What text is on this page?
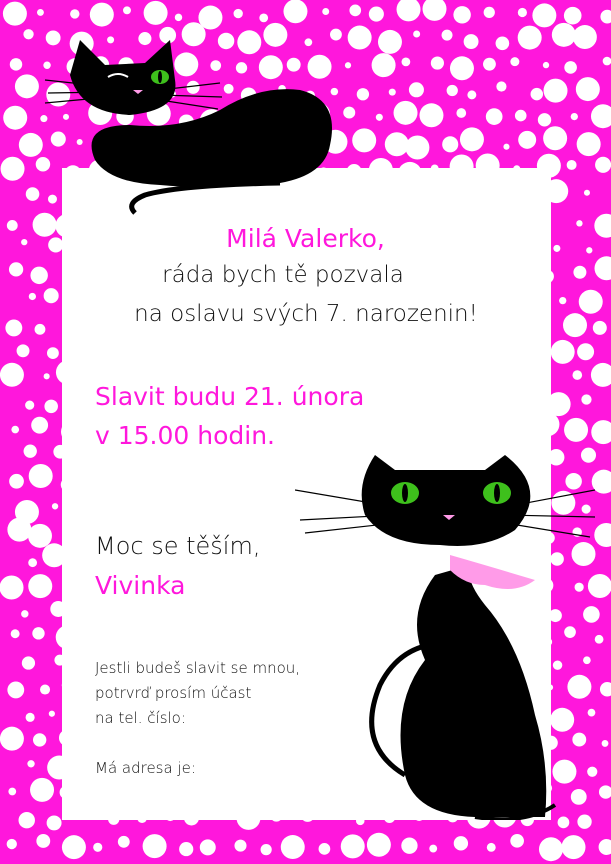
Milá Valerko,
ráda bych tě pozvala
na oslavu svých 7. narozenin!
Slavit budu 21. února
v 15.00 hodin.
Moc se těším,
Vivinka
Jestli budeš slavit se mnou,
potrvrď prosím účast
na tel. číslo:
Má adresa je:
